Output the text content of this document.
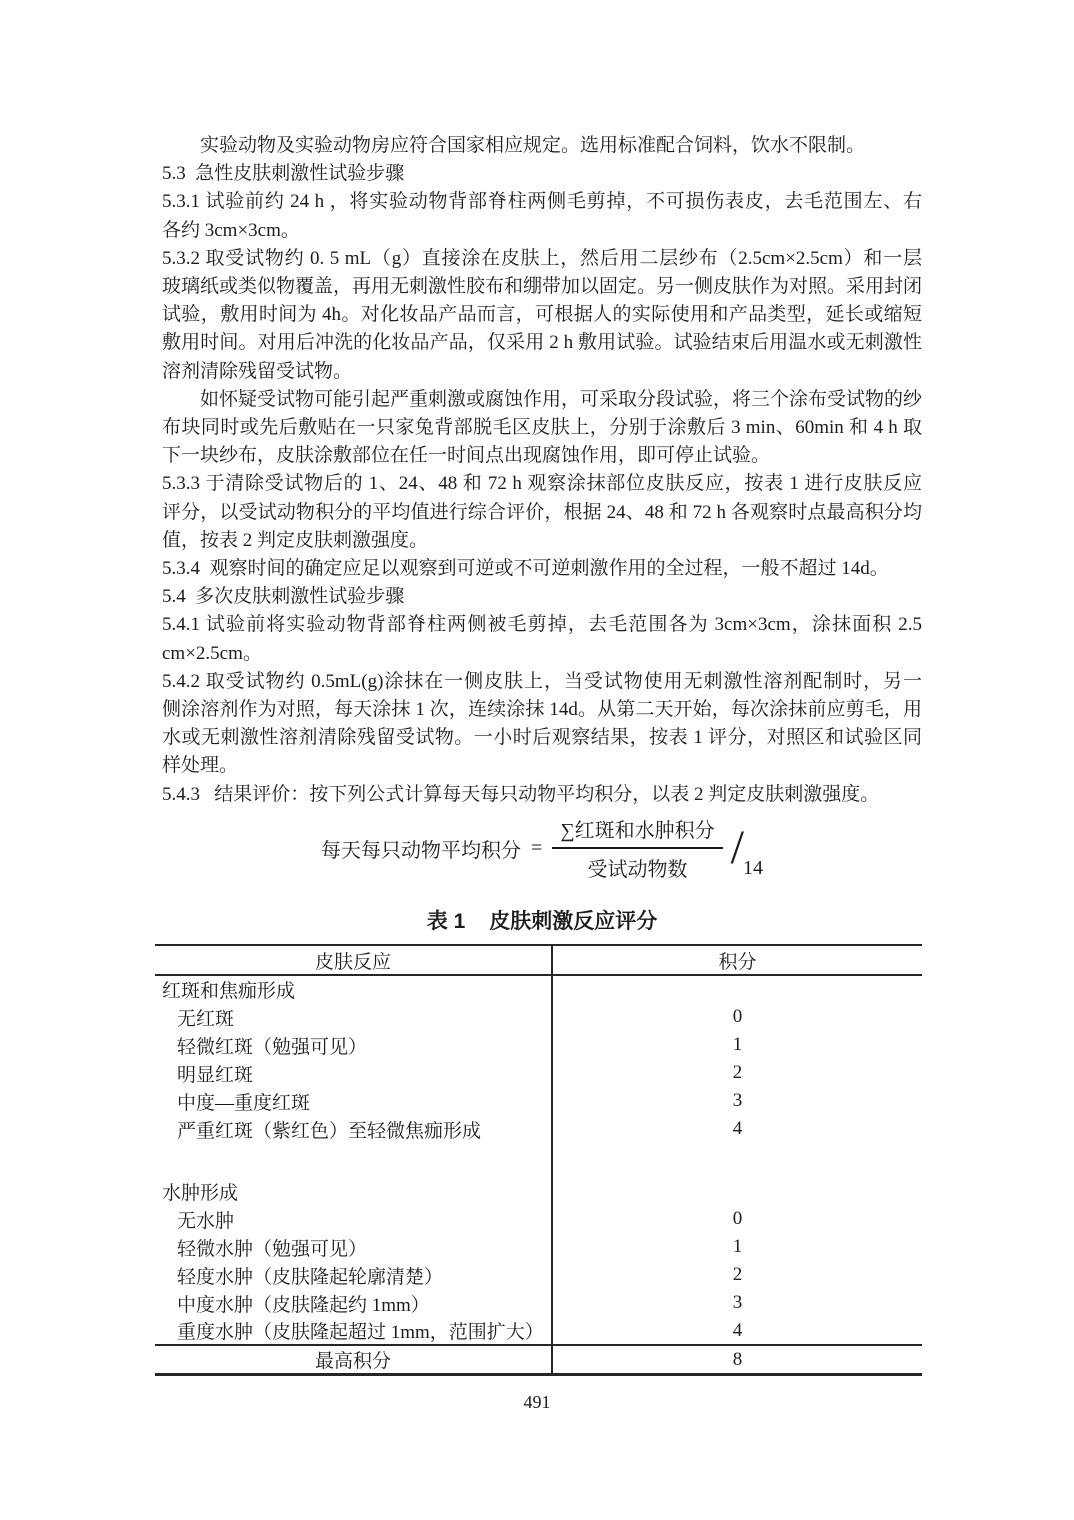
实验动物及实验动物房应符合国家相应规定。选用标准配合饲料，饮水不限制。
5.3  急性皮肤刺激性试验步骤
5.3.1 试验前约 24 h ，将实验动物背部脊柱两侧毛剪掉，不可损伤表皮，去毛范围左、右
各约 3cm×3cm。
5.3.2 取受试物约 0. 5 mL（g）直接涂在皮肤上，然后用二层纱布（2.5cm×2.5cm）和一层
玻璃纸或类似物覆盖，再用无刺激性胶布和绷带加以固定。另一侧皮肤作为对照。采用封闭
试验，敷用时间为 4h。对化妆品产品而言，可根据人的实际使用和产品类型，延长或缩短
敷用时间。对用后冲洗的化妆品产品，仅采用 2 h 敷用试验。试验结束后用温水或无刺激性
溶剂清除残留受试物。
如怀疑受试物可能引起严重刺激或腐蚀作用，可采取分段试验，将三个涂布受试物的纱
布块同时或先后敷贴在一只家兔背部脱毛区皮肤上，分别于涂敷后 3 min、60min 和 4 h 取
下一块纱布，皮肤涂敷部位在任一时间点出现腐蚀作用，即可停止试验。
5.3.3 于清除受试物后的 1、24、48 和 72 h 观察涂抹部位皮肤反应，按表 1 进行皮肤反应
评分，以受试动物积分的平均值进行综合评价，根据 24、48 和 72 h 各观察时点最高积分均
值，按表 2 判定皮肤刺激强度。
5.3.4  观察时间的确定应足以观察到可逆或不可逆刺激作用的全过程，一般不超过 14d。
5.4  多次皮肤刺激性试验步骤
5.4.1 试验前将实验动物背部脊柱两侧被毛剪掉，去毛范围各为 3cm×3cm，涂抹面积 2.5
cm×2.5cm。
5.4.2 取受试物约 0.5mL(g)涂抹在一侧皮肤上，当受试物使用无刺激性溶剂配制时，另一
侧涂溶剂作为对照，每天涂抹 1 次，连续涂抹 14d。从第二天开始，每次涂抹前应剪毛，用
水或无刺激性溶剂清除残留受试物。一小时后观察结果，按表 1 评分，对照区和试验区同
样处理。
5.4.3   结果评价：按下列公式计算每天每只动物平均积分，以表 2 判定皮肤刺激强度。
每天每只动物平均积分 = $\frac{\text{∑红斑和水肿积分}}{\text{受试动物数}} / 14$
表 1 皮肤刺激反应评分
皮肤反应	积分
红斑和焦痂形成	
无红斑	0
轻微红斑（勉强可见）	1
明显红斑	2
中度—重度红斑	3
严重红斑（紫红色）至轻微焦痂形成	4

水肿形成	
无水肿	0
轻微水肿（勉强可见）	1
轻度水肿（皮肤隆起轮廓清楚）	2
中度水肿（皮肤隆起约 1mm）	3
重度水肿（皮肤隆起超过 1mm，范围扩大）	4
最高积分	8
491
